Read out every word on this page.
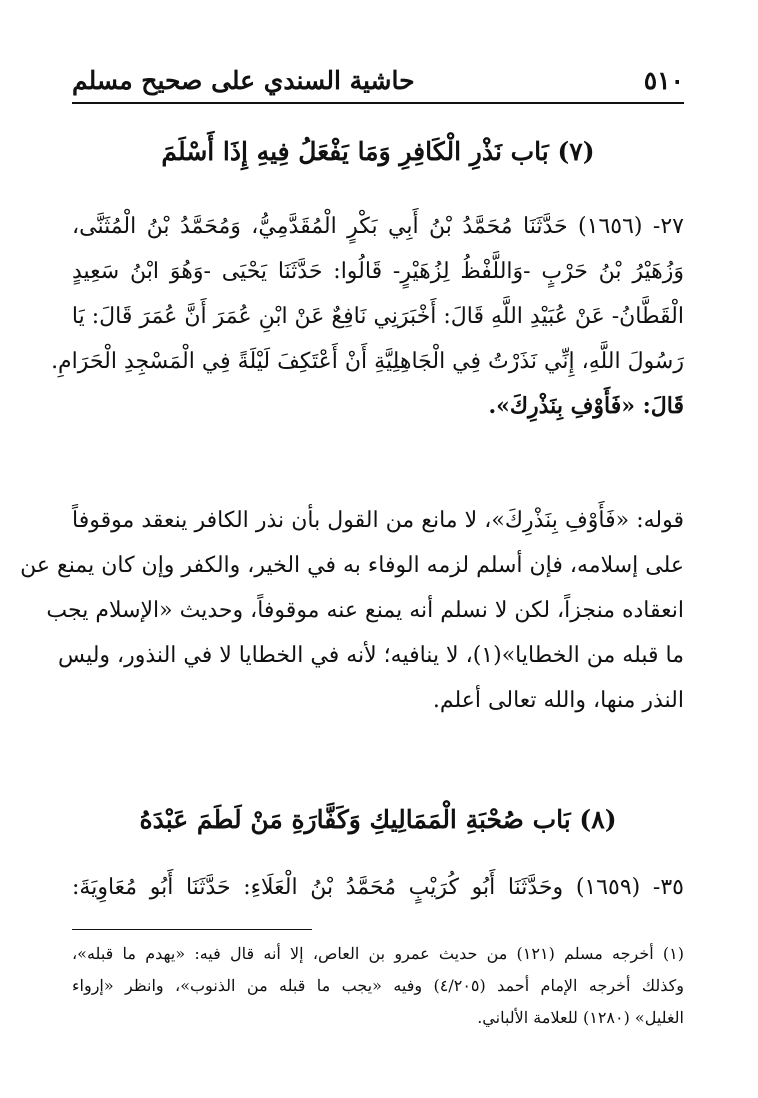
٥١٠
حاشية السندي على صحيح مسلم
(٧) بَاب نَذْرِ الْكَافِرِ وَمَا يَفْعَلُ فِيهِ إِذَا أَسْلَمَ
٢٧- (١٦٥٦) حَدَّثَنَا مُحَمَّدُ بْنُ أَبِي بَكْرٍ الْمُقَدَّمِيُّ، وَمُحَمَّدُ بْنُ الْمُثَنَّى،
وَزُهَيْرُ بْنُ حَرْبٍ -وَاللَّفْظُ لِزُهَيْرٍ- قَالُوا: حَدَّثَنَا يَحْيَى -وَهُوَ ابْنُ سَعِيدٍ
الْقَطَّانُ- عَنْ عُبَيْدِ اللَّهِ قَالَ: أَخْبَرَنِي نَافِعٌ عَنْ ابْنِ عُمَرَ أَنَّ عُمَرَ قَالَ: يَا
رَسُولَ اللَّهِ، إِنِّي نَذَرْتُ فِي الْجَاهِلِيَّةِ أَنْ أَعْتَكِفَ لَيْلَةً فِي الْمَسْجِدِ الْحَرَامِ.
قَالَ: «فَأَوْفِ بِنَذْرِكَ».
قوله: «فَأَوْفِ بِنَذْرِكَ»، لا مانع من القول بأن نذر الكافر ينعقد موقوفاً
على إسلامه، فإن أسلم لزمه الوفاء به في الخير، والكفر وإن كان يمنع عن
انعقاده منجزاً، لكن لا نسلم أنه يمنع عنه موقوفاً، وحديث «الإسلام يجب
ما قبله من الخطايا»(١)، لا ينافيه؛ لأنه في الخطايا لا في النذور، وليس
النذر منها، والله تعالى أعلم.
(٨) بَاب صُحْبَةِ الْمَمَالِيكِ وَكَفَّارَةِ مَنْ لَطَمَ عَبْدَهُ
٣٥- (١٦٥٩) وحَدَّثَنَا أَبُو كُرَيْبٍ مُحَمَّدُ بْنُ الْعَلَاءِ: حَدَّثَنَا أَبُو مُعَاوِيَةَ:
(١) أخرجه مسلم (١٢١) من حديث عمرو بن العاص، إلا أنه قال فيه: «يهدم ما قبله»،
وكذلك أخرجه الإمام أحمد (٤/٢٠٥) وفيه «يجب ما قبله من الذنوب»، وانظر «إرواء
الغليل» (١٢٨٠) للعلامة الألباني.
